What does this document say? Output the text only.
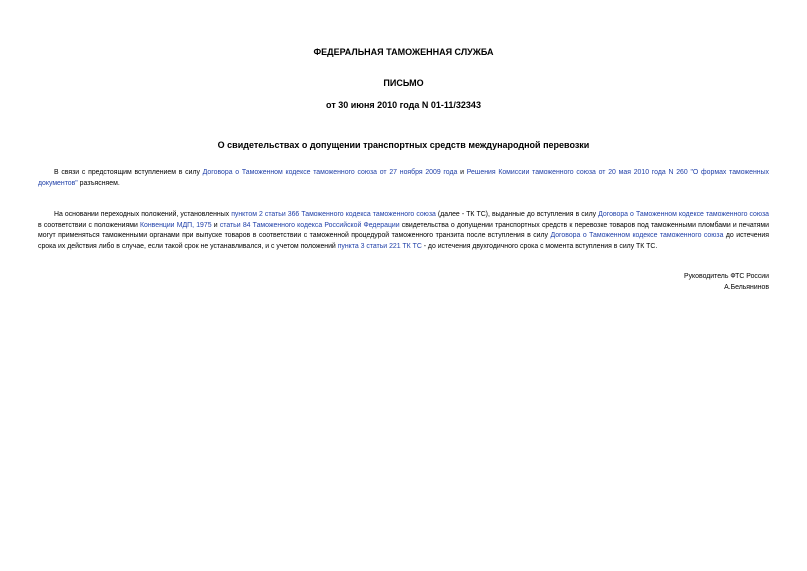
ФЕДЕРАЛЬНАЯ ТАМОЖЕННАЯ СЛУЖБА
ПИСЬМО
от 30 июня 2010 года N 01-11/32343
О свидетельствах о допущении транспортных средств международной перевозки
В связи с предстоящим вступлением в силу Договора о Таможенном кодексе таможенного союза от 27 ноября 2009 года и Решения Комиссии таможенного союза от 20 мая 2010 года N 260 "О формах таможенных документов" разъясняем.
На основании переходных положений, установленных пунктом 2 статьи 366 Таможенного кодекса таможенного союза (далее - ТК ТС), выданные до вступления в силу Договора о Таможенном кодексе таможенного союза в соответствии с положениями Конвенции МДП, 1975 и статьи 84 Таможенного кодекса Российской Федерации свидетельства о допущении транспортных средств к перевозке товаров под таможенными пломбами и печатями могут применяться таможенными органами при выпуске товаров в соответствии с таможенной процедурой таможенного транзита после вступления в силу Договора о Таможенном кодексе таможенного союза до истечения срока их действия либо в случае, если такой срок не устанавливался, и с учетом положений пункта 3 статьи 221 ТК ТС - до истечения двухгодичного срока с момента вступления в силу ТК ТС.
Руководитель ФТС России
А.Бельянинов
